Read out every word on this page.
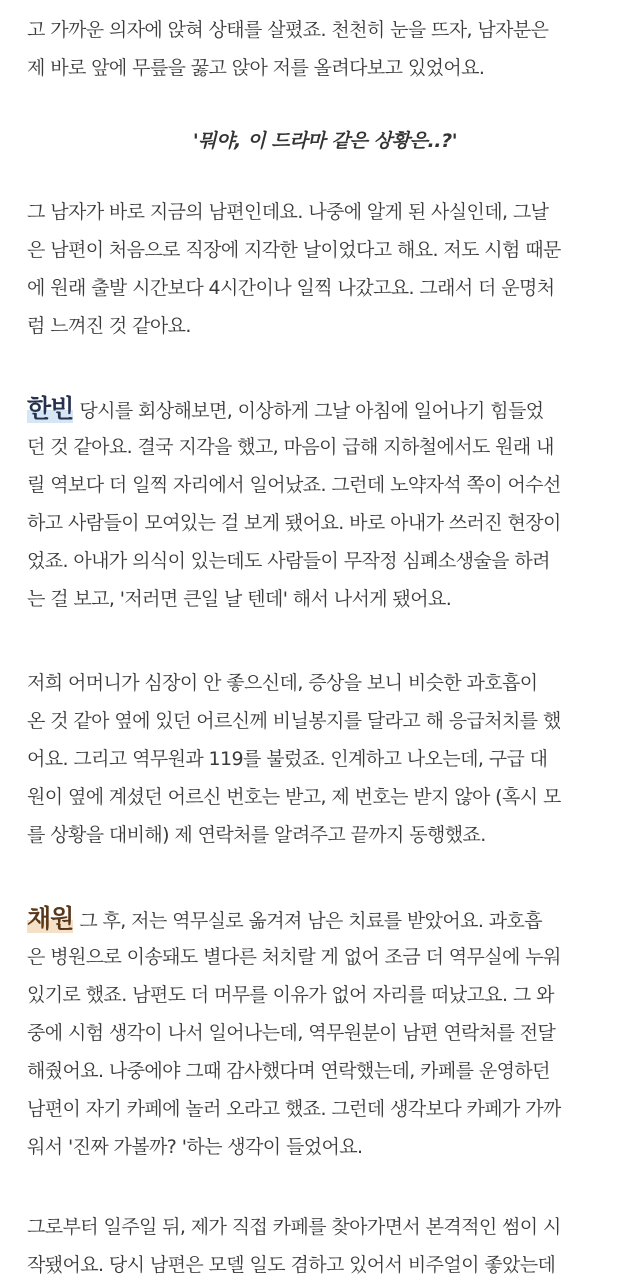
고 가까운 의자에 앉혀 상태를 살폈죠. 천천히 눈을 뜨자, 남자분은
제 바로 앞에 무릎을 꿇고 앉아 저를 올려다보고 있었어요.
'뭐야, 이 드라마 같은 상황은..?'
그 남자가 바로 지금의 남편인데요. 나중에 알게 된 사실인데, 그날
은 남편이 처음으로 직장에 지각한 날이었다고 해요. 저도 시험 때문
에 원래 출발 시간보다 4시간이나 일찍 나갔고요. 그래서 더 운명처
럼 느껴진 것 같아요.
한빈 당시를 회상해보면, 이상하게 그날 아침에 일어나기 힘들었
던 것 같아요. 결국 지각을 했고, 마음이 급해 지하철에서도 원래 내
릴 역보다 더 일찍 자리에서 일어났죠. 그런데 노약자석 쪽이 어수선
하고 사람들이 모여있는 걸 보게 됐어요. 바로 아내가 쓰러진 현장이
었죠. 아내가 의식이 있는데도 사람들이 무작정 심폐소생술을 하려
는 걸 보고, '저러면 큰일 날 텐데' 해서 나서게 됐어요.
저희 어머니가 심장이 안 좋으신데, 증상을 보니 비슷한 과호흡이
온 것 같아 옆에 있던 어르신께 비닐봉지를 달라고 해 응급처치를 했
어요. 그리고 역무원과 119를 불렀죠. 인계하고 나오는데, 구급 대
원이 옆에 계셨던 어르신 번호는 받고, 제 번호는 받지 않아 (혹시 모
를 상황을 대비해) 제 연락처를 알려주고 끝까지 동행했죠.
채원 그 후, 저는 역무실로 옮겨져 남은 치료를 받았어요. 과호흡
은 병원으로 이송돼도 별다른 처치랄 게 없어 조금 더 역무실에 누워
있기로 했죠. 남편도 더 머무를 이유가 없어 자리를 떠났고요. 그 와
중에 시험 생각이 나서 일어나는데, 역무원분이 남편 연락처를 전달
해줬어요. 나중에야 그때 감사했다며 연락했는데, 카페를 운영하던
남편이 자기 카페에 놀러 오라고 했죠. 그런데 생각보다 카페가 가까
워서 '진짜 가볼까? '하는 생각이 들었어요.
그로부터 일주일 뒤, 제가 직접 카페를 찾아가면서 본격적인 썸이 시
작됐어요. 당시 남편은 모델 일도 겸하고 있어서 비주얼이 좋았는데
